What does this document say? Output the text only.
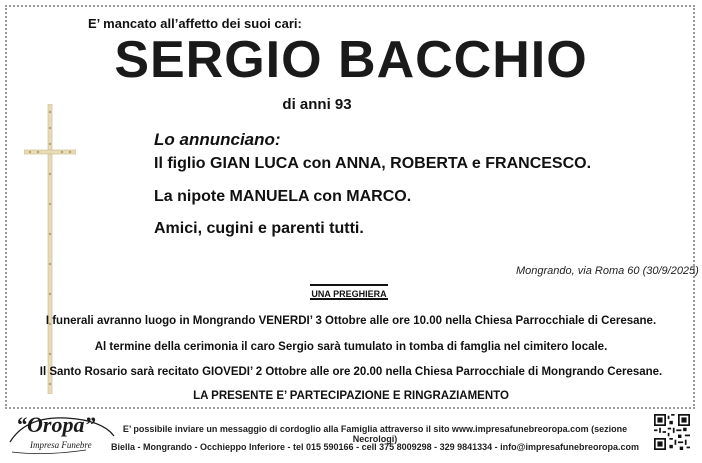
E’ mancato all’affetto dei suoi cari:
SERGIO BACCHIO
di anni 93
Lo annunciano:
Il figlio GIAN LUCA con ANNA, ROBERTA e FRANCESCO.
La nipote MANUELA con MARCO.
Amici, cugini e parenti tutti.
Mongrando, via Roma 60 (30/9/2025)
UNA PREGHIERA
I funerali avranno luogo in Mongrando VENERDI’ 3 Ottobre alle ore 10.00 nella Chiesa Parrocchiale di Ceresane.
Al termine della cerimonia il caro Sergio sarà tumulato in tomba di famglia nel cimitero locale.
Il Santo Rosario sarà recitato GIOVEDI’ 2 Ottobre alle ore 20.00 nella Chiesa Parrocchiale di Mongrando Ceresane.
LA PRESENTE E’ PARTECIPAZIONE E RINGRAZIAMENTO
“Oropa”
Impresa Funebre
E’ possibile inviare un messaggio di cordoglio alla Famiglia attraverso il sito www.impresafunebreoropa.com (sezione Necrologi)
Biella - Mongrando - Occhieppo Inferiore - tel 015 590166 - cell 375 8009298 - 329 9841334 - info@impresafunebreoropa.com
